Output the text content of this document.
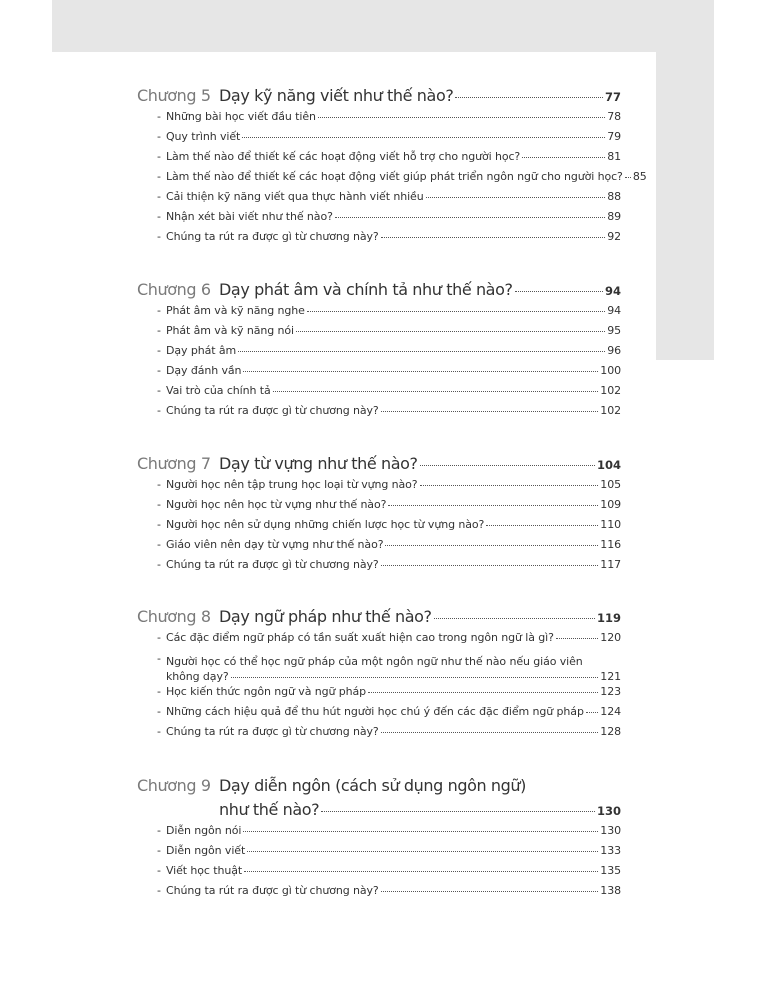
Chương 5 Dạy kỹ năng viết như thế nào?	77
- Những bài học viết đầu tiên	78
- Quy trình viết	79
- Làm thế nào để thiết kế các hoạt động viết hỗ trợ cho người học?	81
- Làm thế nào để thiết kế các hoạt động viết giúp phát triển ngôn ngữ cho người học? 85
- Cải thiện kỹ năng viết qua thực hành viết nhiều	88
- Nhận xét bài viết như thế nào?	89
- Chúng ta rút ra được gì từ chương này?	92
Chương 6 Dạy phát âm và chính tả như thế nào?	94
- Phát âm và kỹ năng nghe	94
- Phát âm và kỹ năng nói	95
- Dạy phát âm	96
- Dạy đánh vần	100
- Vai trò của chính tả	102
- Chúng ta rút ra được gì từ chương này?	102
Chương 7 Dạy từ vựng như thế nào?	104
- Người học nên tập trung học loại từ vựng nào?	105
- Người học nên học từ vựng như thế nào?	109
- Người học nên sử dụng những chiến lược học từ vựng nào?	110
- Giáo viên nên dạy từ vựng như thế nào?	116
- Chúng ta rút ra được gì từ chương này?	117
Chương 8 Dạy ngữ pháp như thế nào?	119
- Các đặc điểm ngữ pháp có tần suất xuất hiện cao trong ngôn ngữ là gì?	120
- Người học có thể học ngữ pháp của một ngôn ngữ như thế nào nếu giáo viên
không dạy?	121
- Học kiến thức ngôn ngữ và ngữ pháp	123
- Những cách hiệu quả để thu hút người học chú ý đến các đặc điểm ngữ pháp 124
- Chúng ta rút ra được gì từ chương này?	128
Chương 9 Dạy diễn ngôn (cách sử dụng ngôn ngữ)
như thế nào?	130
- Diễn ngôn nói	130
- Diễn ngôn viết	133
- Viết học thuật	135
- Chúng ta rút ra được gì từ chương này?	138
